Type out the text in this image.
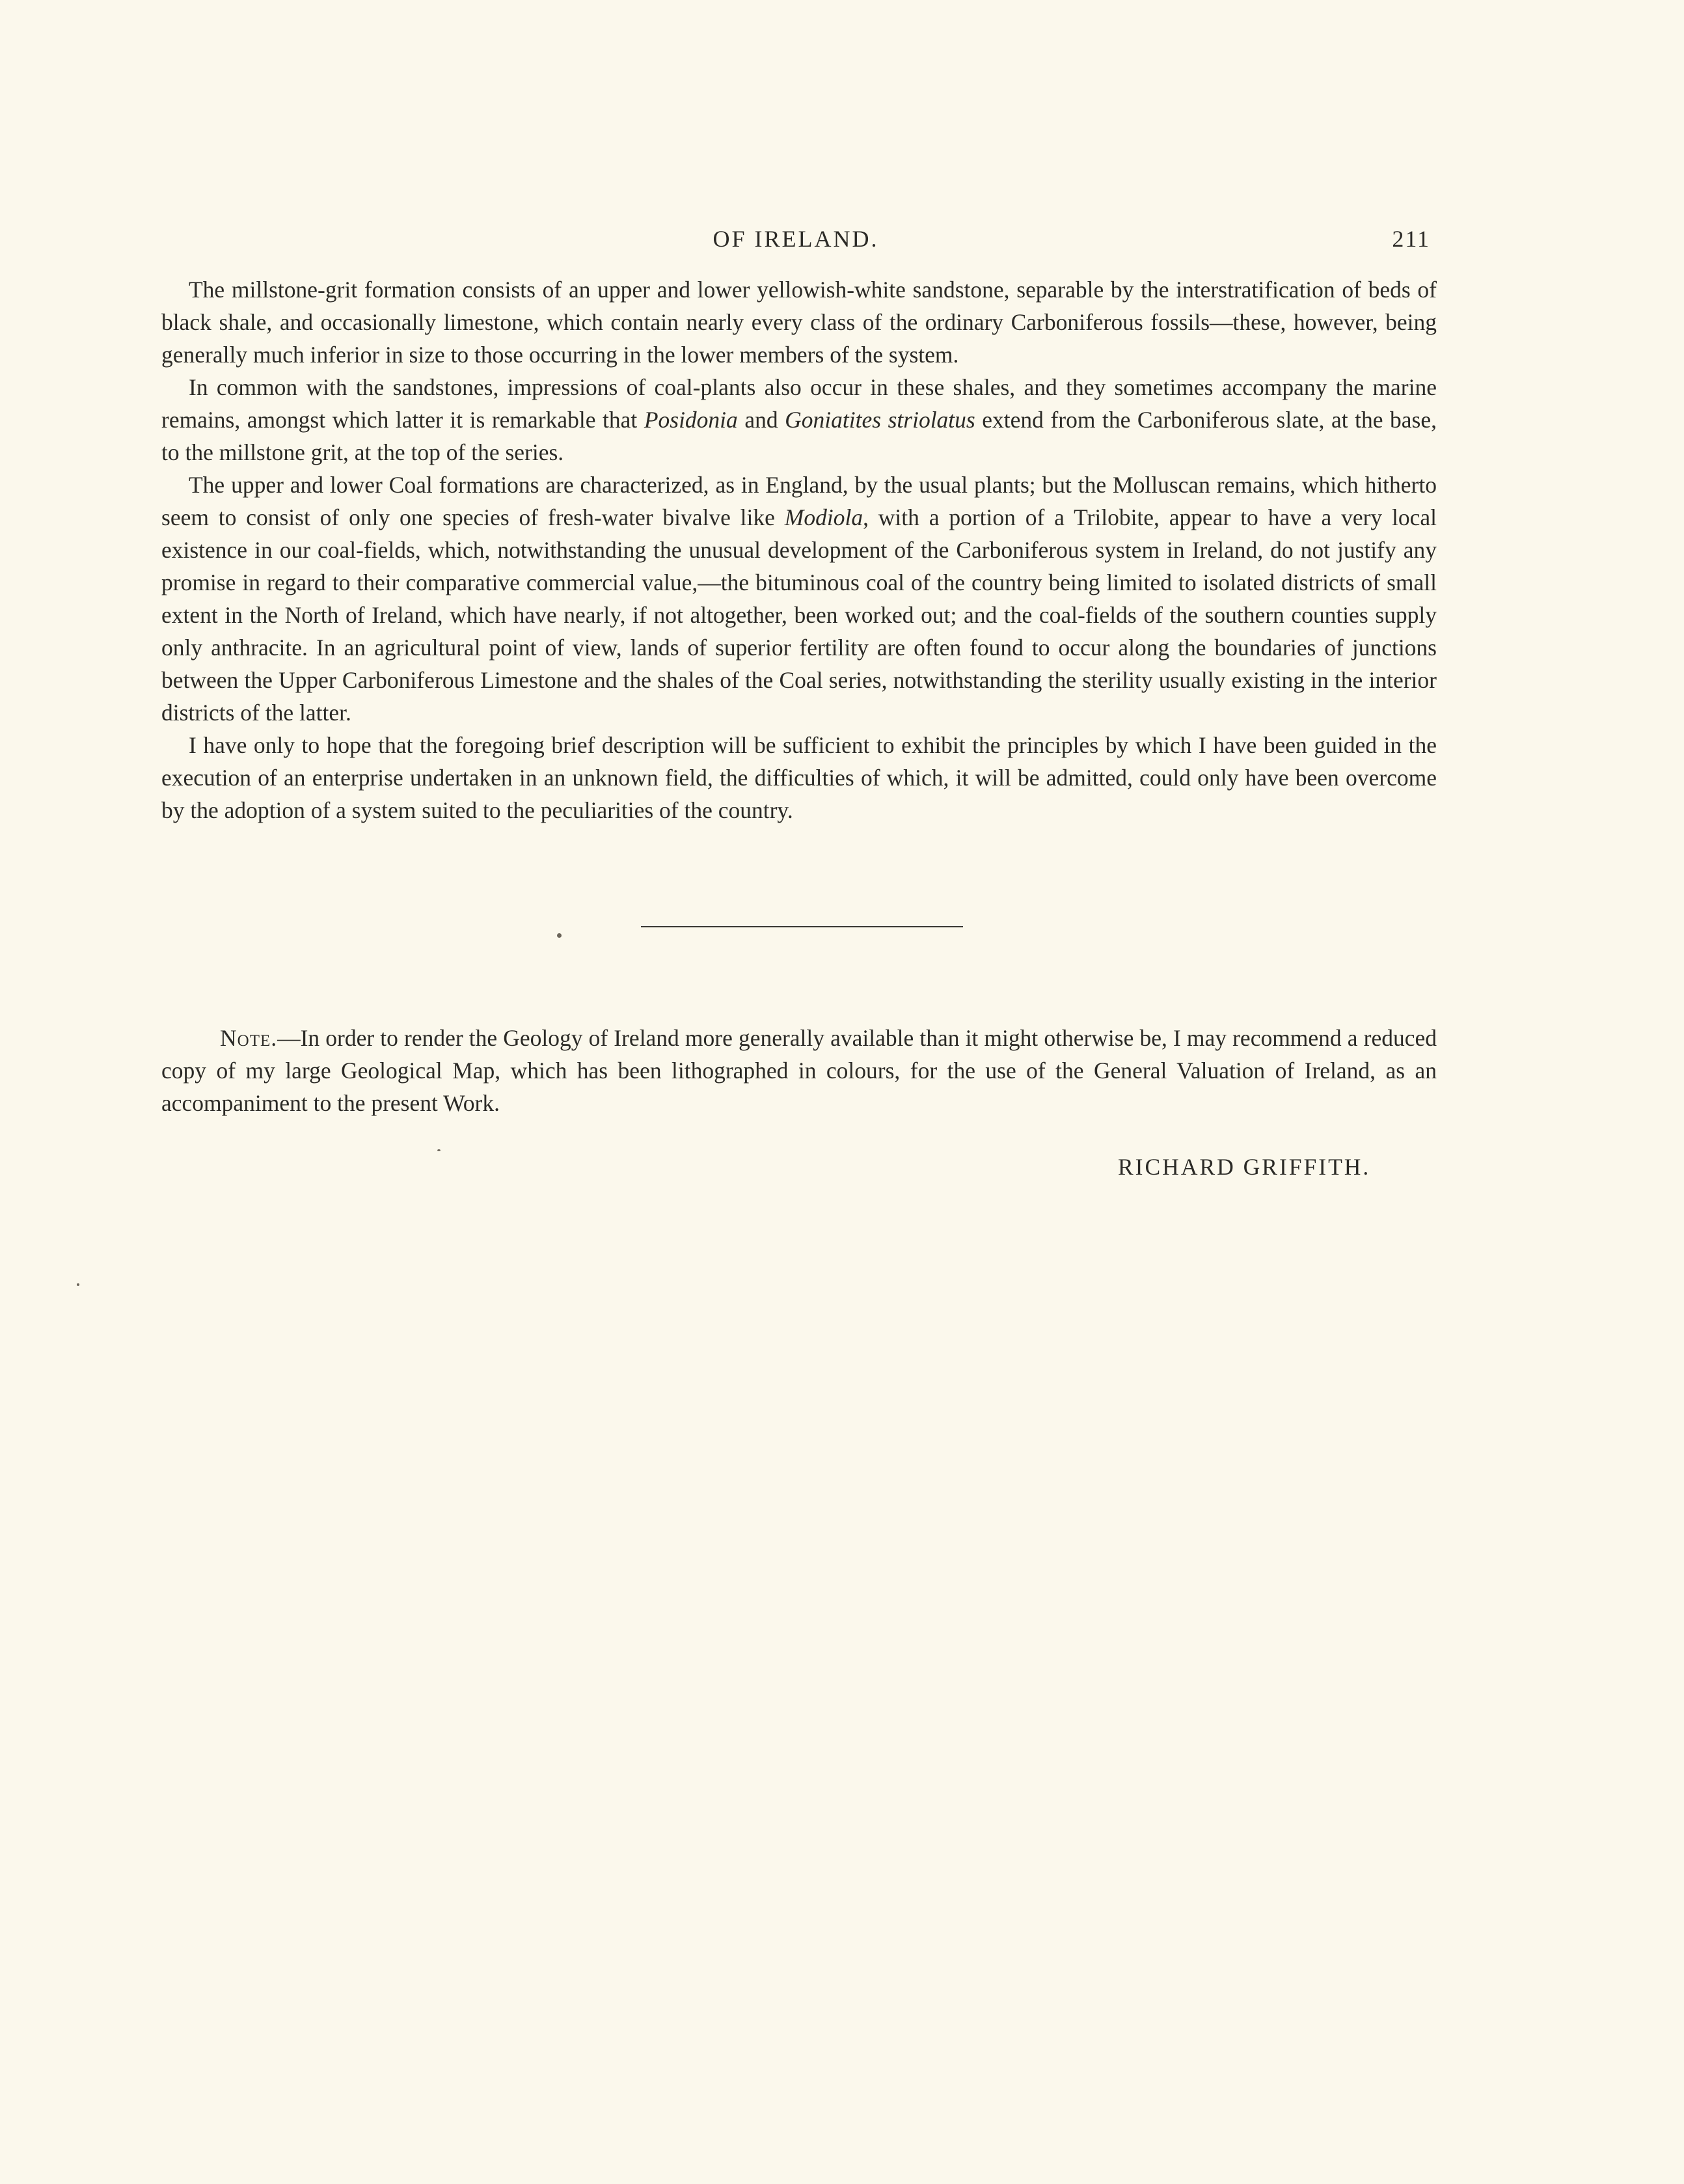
OF IRELAND.	211

The millstone-grit formation consists of an upper and lower yellowish-white sandstone, separable by the interstratification of beds of black shale, and occasionally limestone, which contain nearly every class of the ordinary Carboniferous fossils—these, however, being generally much inferior in size to those occurring in the lower members of the system.

In common with the sandstones, impressions of coal-plants also occur in these shales, and they sometimes accompany the marine remains, amongst which latter it is remarkable that Posidonia and Goniatites striolatus extend from the Carboniferous slate, at the base, to the millstone grit, at the top of the series.

The upper and lower Coal formations are characterized, as in England, by the usual plants; but the Molluscan remains, which hitherto seem to consist of only one species of fresh-water bivalve like Modiola, with a portion of a Trilobite, appear to have a very local existence in our coal-fields, which, notwithstanding the unusual development of the Carboniferous system in Ireland, do not justify any promise in regard to their comparative commercial value,—the bituminous coal of the country being limited to isolated districts of small extent in the North of Ireland, which have nearly, if not altogether, been worked out; and the coal-fields of the southern counties supply only anthracite. In an agricultural point of view, lands of superior fertility are often found to occur along the boundaries of junctions between the Upper Carboniferous Limestone and the shales of the Coal series, notwithstanding the sterility usually existing in the interior districts of the latter.

I have only to hope that the foregoing brief description will be sufficient to exhibit the principles by which I have been guided in the execution of an enterprise undertaken in an unknown field, the difficulties of which, it will be admitted, could only have been overcome by the adoption of a system suited to the peculiarities of the country.

Note.—In order to render the Geology of Ireland more generally available than it might otherwise be, I may recommend a reduced copy of my large Geological Map, which has been lithographed in colours, for the use of the General Valuation of Ireland, as an accompaniment to the present Work.

RICHARD GRIFFITH.
